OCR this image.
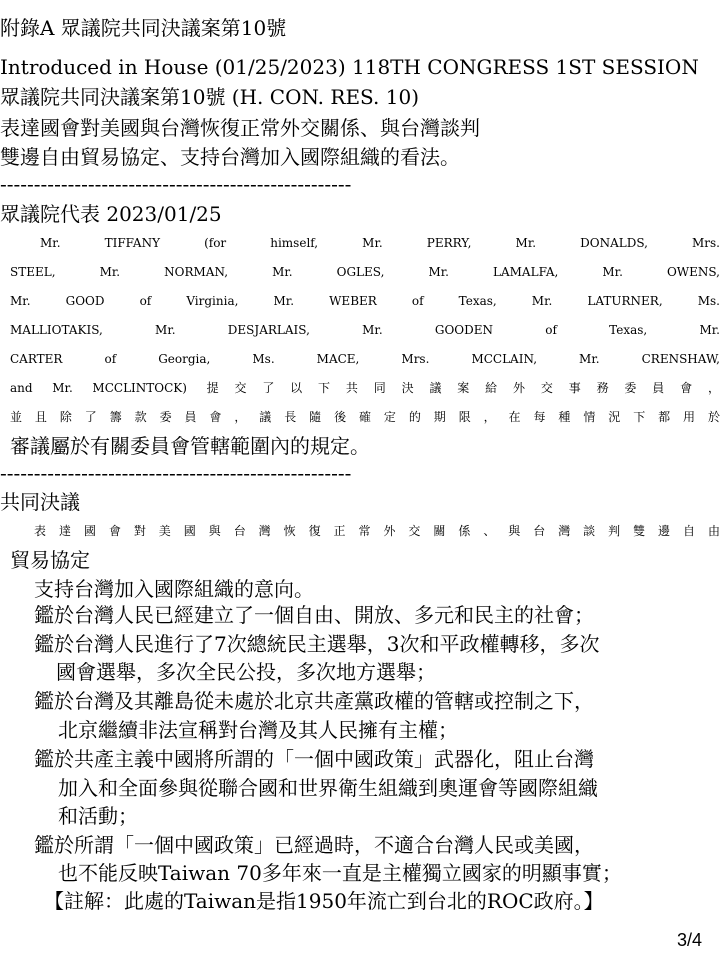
附錄A 眾議院共同決議案第10號
Introduced in House (01/25/2023) 118TH CONGRESS 1ST SESSION
眾議院共同決議案第10號 (H. CON. RES. 10)
表達國會對美國與台灣恢復正常外交關係、與台灣談判
雙邊自由貿易協定、支持台灣加入國際組織的看法。
----------------------------------------------------
眾議院代表 2023/01/25
Mr. TIFFANY (for himself, Mr. PERRY, Mr. DONALDS, Mrs.
STEEL, Mr. NORMAN, Mr. OGLES, Mr. LAMALFA, Mr. OWENS,
Mr. GOOD of Virginia, Mr. WEBER of Texas, Mr. LATURNER, Ms.
MALLIOTAKIS, Mr. DESJARLAIS, Mr. GOODEN of Texas, Mr.
CARTER of Georgia, Ms. MACE, Mrs. MCCLAIN, Mr. CRENSHAW,
and Mr. MCCLINTOCK) 提交了以下共同決議案給外交事務委員會，
並且除了籌款委員會，議長隨後確定的期限，在每種情況下都用於
審議屬於有關委員會管轄範圍內的規定。
----------------------------------------------------
共同決議
表達國會對美國與台灣恢復正常外交關係、與台灣談判雙邊自由
貿易協定
支持台灣加入國際組織的意向。
鑑於台灣人民已經建立了一個自由、開放、多元和民主的社會；
鑑於台灣人民進行了7次總統民主選舉，3次和平政權轉移，多次
國會選舉，多次全民公投，多次地方選舉；
鑑於台灣及其離島從未處於北京共產黨政權的管轄或控制之下，
北京繼續非法宣稱對台灣及其人民擁有主權；
鑑於共產主義中國將所謂的「一個中國政策」武器化，阻止台灣
加入和全面參與從聯合國和世界衛生組織到奧運會等國際組織
和活動；
鑑於所謂「一個中國政策」已經過時，不適合台灣人民或美國，
也不能反映Taiwan 70多年來一直是主權獨立國家的明顯事實；
【註解：此處的Taiwan是指1950年流亡到台北的ROC政府。】
3/4
